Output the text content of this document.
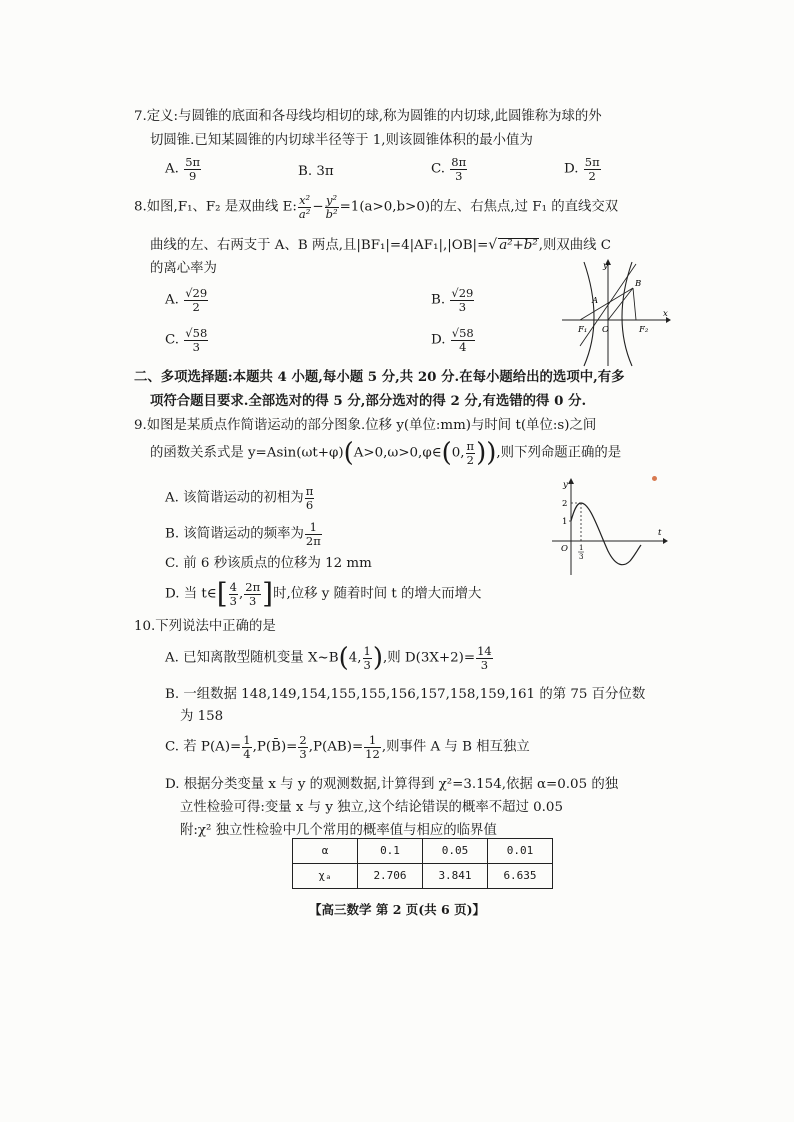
7.定义:与圆锥的底面和各母线均相切的球,称为圆锥的内切球,此圆锥称为球的外
切圆锥.已知某圆锥的内切球半径等于 1,则该圆锥体积的最小值为
A. $\frac{5\pi}{9}$	B. 3π	C. $\frac{8\pi}{3}$	D. $\frac{5\pi}{2}$
8.如图,F₁、F₂ 是双曲线 E: $\frac{\text{x²}}{\text{a²}} - \frac{\text{y²}}{\text{b²}} =1(a>0,b>0)$的左、右焦点,过 F₁ 的直线交双
曲线的左、右两支于 A、B 两点,且|BF₁|=4|AF₁|,|OB|=√ a²+b²,则双曲线 C
的离心率为
A. $\frac{√29}{2}$	B. $\frac{√29}{3}$
C. $\frac{√58}{3}$	D. $\frac{√58}{4}$
y
x
A
B
F₁ O	F₂
二、多项选择题:本题共 4 小题,每小题 5 分,共 20 分.在每小题给出的选项中,有多
项符合题目要求.全部选对的得 5 分,部分选对的得 2 分,有选错的得 0 分.
9.如图是某质点作简谐运动的部分图象.位移 y(单位:mm)与时间 t(单位:s)之间
的函数关系式是 y=Asin(ωt+φ)(A>0,ω>0,φ∈(0, $\frac{\pi}{2}$ )),则下列命题正确的是
A. 该简谐运动的初相为 $\frac{\pi}{6}$
B. 该简谐运动的频率为 $\frac{1}{2\pi}$
C. 前 6 秒该质点的位移为 12 mm
D. 当 t∈[ $\frac{4}{3}$ , $\frac{2\pi}{3}$ ]时,位移 y 随着时间 t 的增大而增大
y
2
1
O 1
3
t
10.下列说法中正确的是
A. 已知离散型随机变量 X~B(4, $\frac{1}{3}$ ),则 $D(3X+2)= \frac{14}{3}$
B. 一组数据 148,149,154,155,155,156,157,158,159,161 的第 75 百分位数
为 158
C. 若 $P(A)= \frac{1}{4}$ ,P(B̄)= $\frac{2}{3} ,P(AB)= \frac{1}{12}$ ,则事件 A 与 B 相互独立
D. 根据分类变量 x 与 y 的观测数据,计算得到 χ²=3.154,依据 α=0.05 的独
立性检验可得:变量 x 与 y 独立,这个结论错误的概率不超过 0.05
附:χ² 独立性检验中几个常用的概率值与相应的临界值
α	0.1	0.05	0.01
χₐ	2.706	3.841	6.635
【高三数学 第 2 页(共 6 页)】
